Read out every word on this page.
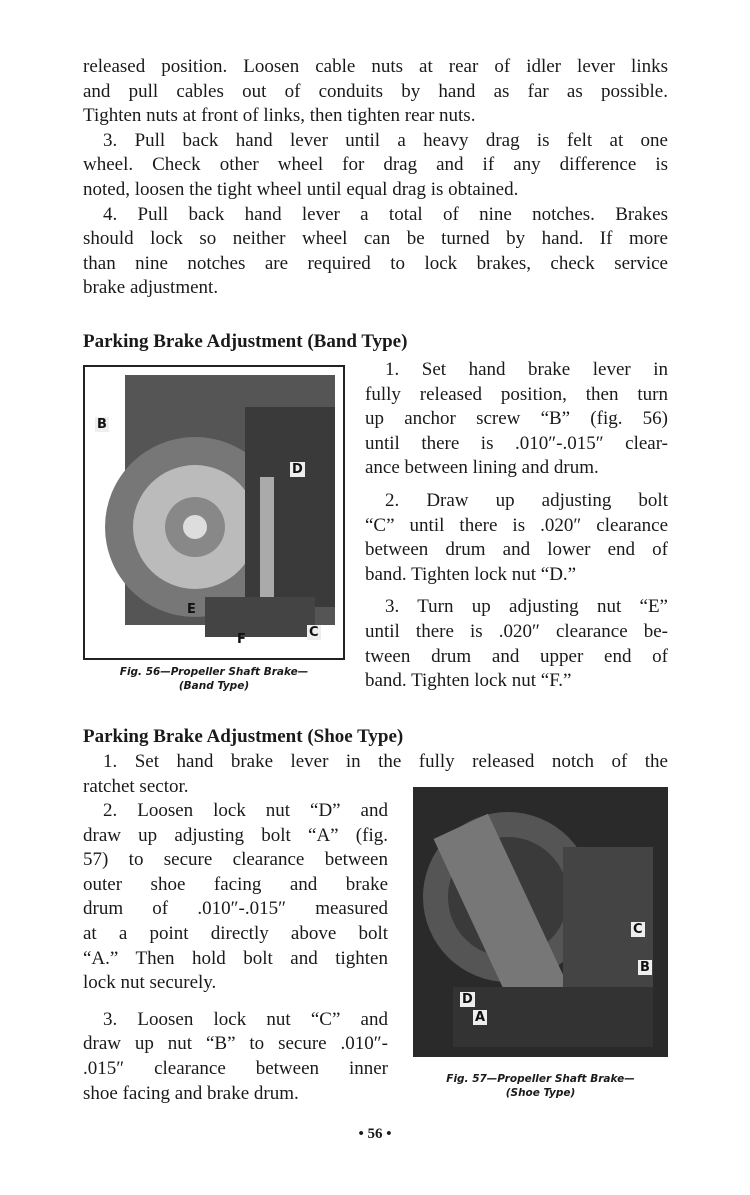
released position. Loosen cable nuts at rear of idler lever links
and pull cables out of conduits by hand as far as possible.
Tighten nuts at front of links, then tighten rear nuts.
3. Pull back hand lever until a heavy drag is felt at one
wheel. Check other wheel for drag and if any difference is
noted, loosen the tight wheel until equal drag is obtained.
4. Pull back hand lever a total of nine notches. Brakes
should lock so neither wheel can be turned by hand. If more
than nine notches are required to lock brakes, check service
brake adjustment.
Parking Brake Adjustment (Band Type)
B
D
E
F	C
Fig. 56—Propeller Shaft Brake—
(Band Type)
1. Set hand brake lever in
fully released position, then turn
up anchor screw “B” (fig. 56)
until there is .010″-.015″ clear-
ance between lining and drum.
2. Draw up adjusting bolt
“C” until there is .020″ clearance
between drum and lower end of
band. Tighten lock nut “D.”
3. Turn up adjusting nut “E”
until there is .020″ clearance be-
tween drum and upper end of
band. Tighten lock nut “F.”
Parking Brake Adjustment (Shoe Type)
1. Set hand brake lever in the fully released notch of the
ratchet sector.
2. Loosen lock nut “D” and
draw up adjusting bolt “A” (fig.
57) to secure clearance between
outer shoe facing and brake
drum of .010″-.015″ measured
at a point directly above bolt
“A.” Then hold bolt and tighten
lock nut securely.
3. Loosen lock nut “C” and
draw up nut “B” to secure .010″-
.015″ clearance between inner
shoe facing and brake drum.
C
B
D
A
Fig. 57—Propeller Shaft Brake—
(Shoe Type)
• 56 •
